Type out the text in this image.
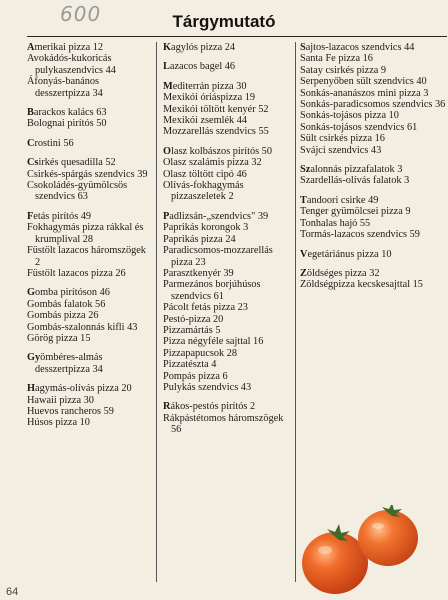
600	Tárgymutató

Amerikai pizza 12

Avokádós-kukoricás pulykaszendvics 44

Áfonyás-banános desszertpizza 34

Barackos kalács 63

Bolognai pirítós 50

Crostini 56

Csirkés quesadilla 52

Csirkés-spárgás szendvics 39

Csokoládés-gyümölcsös szendvics 63

Fetás pirítós 49

Fokhagymás pizza rákkal és krumplival 28

Füstölt lazacos háromszögek 2

Füstölt lazacos pizza 26

Gomba pirítóson 46

Gombás falatok 56

Gombás pizza 26

Gombás-szalonnás kifli 43

Görög pizza 15

Gyömbéres-almás desszertpizza 34

Hagymás-olívás pizza 20

Hawaii pizza 30

Huevos rancheros 59

Húsos pizza 10

Kagylós pizza 24

Lazacos bagel 46

Mediterrán pizza 30

Mexikói óriáspizza 19

Mexikói töltött kenyér 52

Mexikói zsemlék 44

Mozzarellás szendvics 55

Olasz kolbászos pirítós 50

Olasz szalámis pizza 32

Olasz töltött cipó 46

Olívás-fokhagymás pizzaszeletek 2

Padlizsán-„szendvics" 39

Paprikás korongok 3

Paprikás pizza 24

Paradicsomos-mozzarellás pizza 23

Parasztkenyér 39

Parmezános borjúhúsos szendvics 61

Pácolt fetás pizza 23

Pestó-pizza 20

Pizzamártás 5

Pizza négyféle sajttal 16

Pizzapapucsok 28

Pizzatészta 4

Pompás pizza 6

Pulykás szendvics 43

Rákos-pestós pirítós 2

Rákpástétomos háromszögek 56

Sajtos-lazacos szendvics 44

Santa Fe pizza 16

Satay csirkés pizza 9

Serpenyőben sült szendvics 40

Sonkás-ananászos mini pizza 3

Sonkás-paradicsomos szendvics 36

Sonkás-tojásos pizza 10

Sonkás-tojásos szendvics 61

Sült csirkés pizza 16

Svájci szendvics 43

Szalonnás pizzafalatok 3

Szardellás-olívás falatok 3

Tandoori csirke 49

Tenger gyümölcsei pizza 9

Tonhalas hajó 55

Tormás-lazacos szendvics 59

Vegetáriánus pizza 10

Zöldséges pizza 32

Zöldségpizza kecskesajttal 15

64
